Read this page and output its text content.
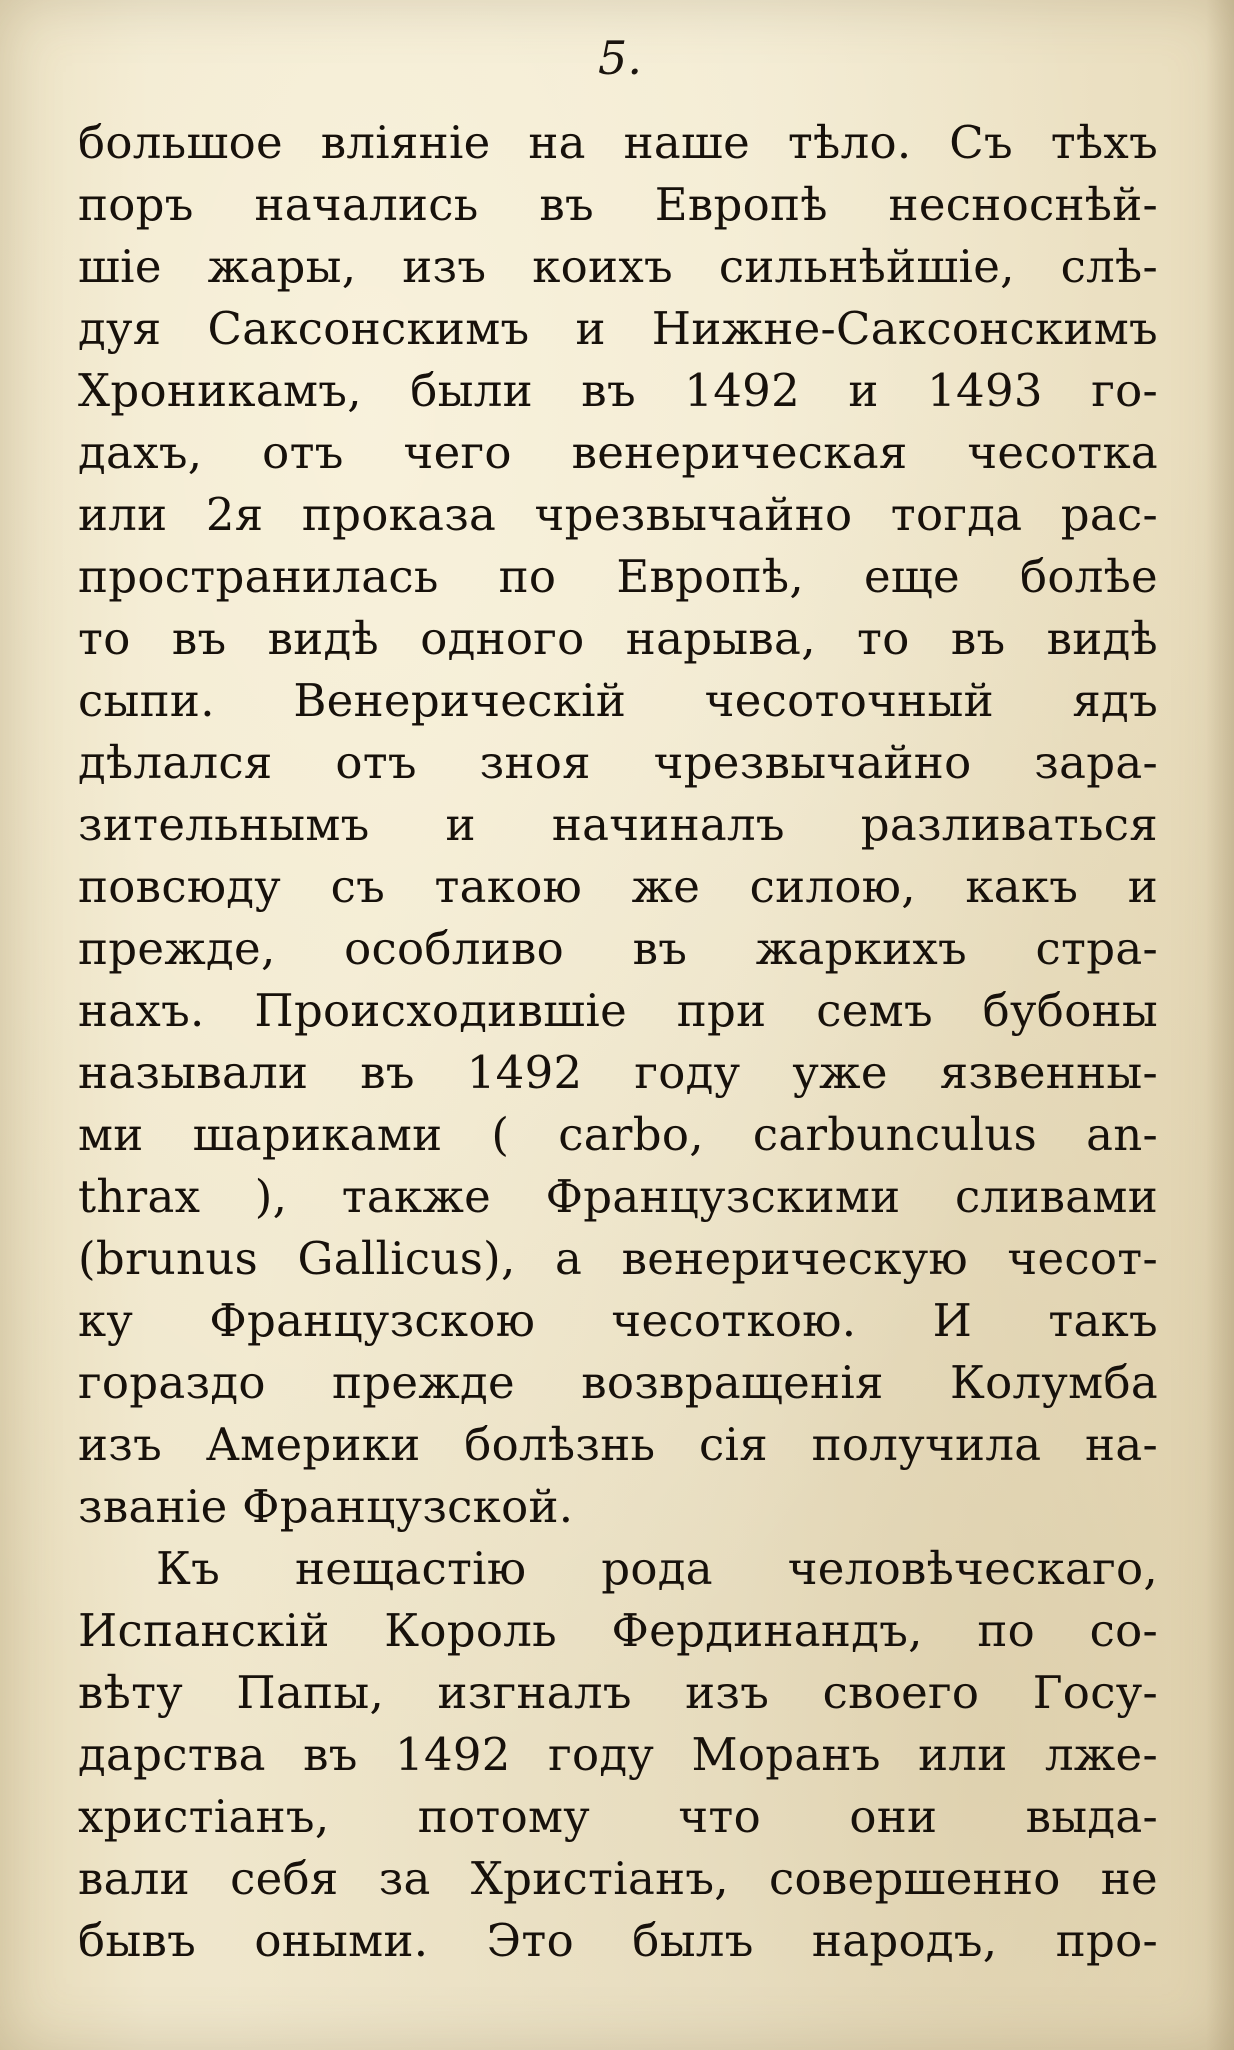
5.
большое вліяніе на наше тѣло. Съ тѣхъ
поръ начались въ Европѣ несноснѣй-
шіе жары, изъ коихъ сильнѣйшіе, слѣ-
дуя Саксонскимъ и Нижне-Саксонскимъ
Хроникамъ, были въ 1492 и 1493 го-
дахъ, отъ чего венерическая чесотка
или 2я проказа чрезвычайно тогда рас-
пространилась по Европѣ, еще болѣе
то въ видѣ одного нарыва, то въ видѣ
сыпи. Венерическій чесоточный ядъ
дѣлался отъ зноя чрезвычайно зара-
зительнымъ и начиналъ разливаться
повсюду съ такою же силою, какъ и
прежде, особливо въ жаркихъ стра-
нахъ. Происходившіе при семъ бубоны
называли въ 1492 году уже язвенны-
ми шариками ( carbo, carbunculus an-
thrax ), также Французскими сливами
(brunus Gallicus), а венерическую чесот-
ку Французскою чесоткою. И такъ
гораздо прежде возвращенія Колумба
изъ Америки болѣзнь сія получила на-
званіе Французской.
Къ нещастію рода человѣческаго,
Испанскій Король Фердинандъ, по со-
вѣту Папы, изгналъ изъ своего Госу-
дарства въ 1492 году Моранъ или лже-
христіанъ, потому что они выда-
вали себя за Христіанъ, совершенно не
бывъ оными. Это былъ народъ, про-
